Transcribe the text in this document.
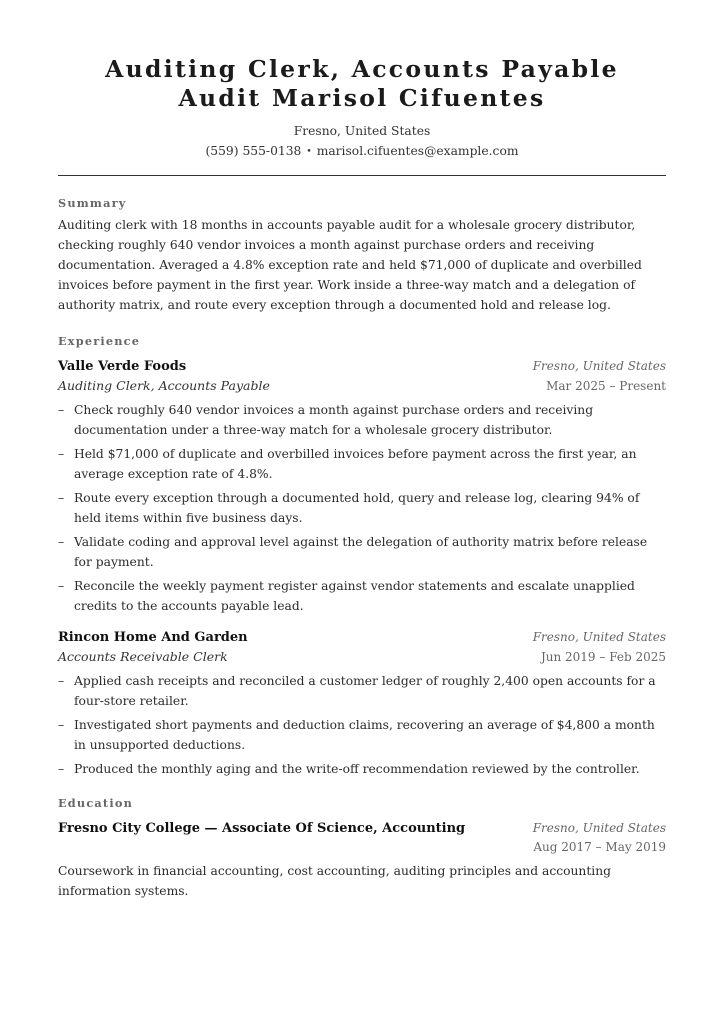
Auditing Clerk, Accounts Payable
Audit Marisol Cifuentes
Fresno, United States
(559) 555-0138 • marisol.cifuentes@example.com
Summary
Auditing clerk with 18 months in accounts payable audit for a wholesale grocery distributor, checking roughly 640 vendor invoices a month against purchase orders and receiving documentation. Averaged a 4.8% exception rate and held $71,000 of duplicate and overbilled invoices before payment in the first year. Work inside a three-way match and a delegation of authority matrix, and route every exception through a documented hold and release log.
Experience
Valle Verde Foods	Fresno, United States
Auditing Clerk, Accounts Payable	Mar 2025 – Present
– Check roughly 640 vendor invoices a month against purchase orders and receiving documentation under a three-way match for a wholesale grocery distributor.
– Held $71,000 of duplicate and overbilled invoices before payment across the first year, an average exception rate of 4.8%.
– Route every exception through a documented hold, query and release log, clearing 94% of held items within five business days.
– Validate coding and approval level against the delegation of authority matrix before release for payment.
– Reconcile the weekly payment register against vendor statements and escalate unapplied credits to the accounts payable lead.
Rincon Home And Garden	Fresno, United States
Accounts Receivable Clerk	Jun 2019 – Feb 2025
– Applied cash receipts and reconciled a customer ledger of roughly 2,400 open accounts for a four-store retailer.
– Investigated short payments and deduction claims, recovering an average of $4,800 a month in unsupported deductions.
– Produced the monthly aging and the write-off recommendation reviewed by the controller.
Education
Fresno City College — Associate Of Science, Accounting	Fresno, United States
Aug 2017 – May 2019
Coursework in financial accounting, cost accounting, auditing principles and accounting information systems.
